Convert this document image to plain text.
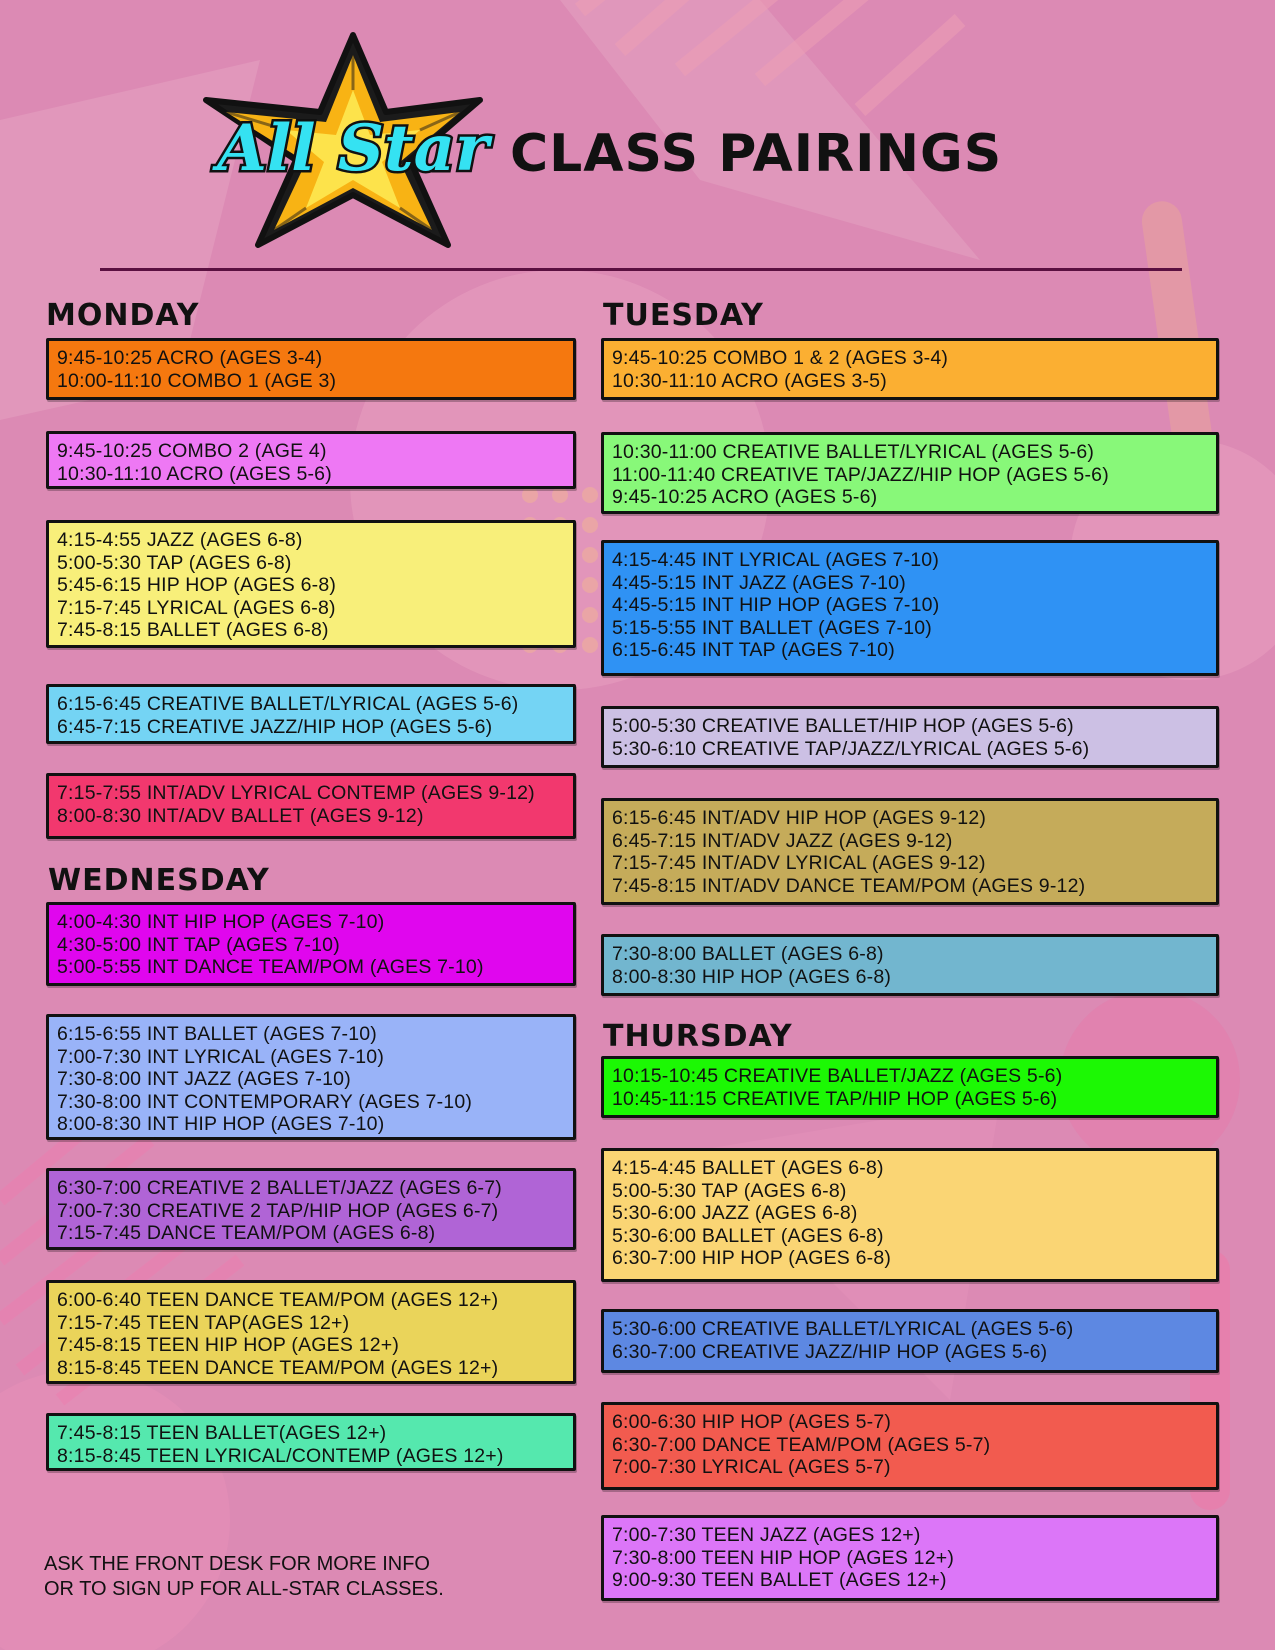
All Star CLASS PAIRINGS
MONDAY
9:45-10:25 ACRO (AGES 3-4)
10:00-11:10 COMBO 1 (AGE 3)
9:45-10:25 COMBO 2 (AGE 4)
10:30-11:10 ACRO (AGES 5-6)
4:15-4:55 JAZZ (AGES 6-8)
5:00-5:30 TAP (AGES 6-8)
5:45-6:15 HIP HOP (AGES 6-8)
7:15-7:45 LYRICAL (AGES 6-8)
7:45-8:15 BALLET (AGES 6-8)
6:15-6:45 CREATIVE BALLET/LYRICAL (AGES 5-6)
6:45-7:15 CREATIVE JAZZ/HIP HOP (AGES 5-6)
7:15-7:55 INT/ADV LYRICAL CONTEMP (AGES 9-12)
8:00-8:30 INT/ADV BALLET (AGES 9-12)
WEDNESDAY
4:00-4:30 INT HIP HOP (AGES 7-10)
4:30-5:00 INT TAP (AGES 7-10)
5:00-5:55 INT DANCE TEAM/POM (AGES 7-10)
6:15-6:55 INT BALLET (AGES 7-10)
7:00-7:30 INT LYRICAL (AGES 7-10)
7:30-8:00 INT JAZZ (AGES 7-10)
7:30-8:00 INT CONTEMPORARY (AGES 7-10)
8:00-8:30 INT HIP HOP (AGES 7-10)
6:30-7:00 CREATIVE 2 BALLET/JAZZ (AGES 6-7)
7:00-7:30 CREATIVE 2 TAP/HIP HOP (AGES 6-7)
7:15-7:45 DANCE TEAM/POM (AGES 6-8)
6:00-6:40 TEEN DANCE TEAM/POM (AGES 12+)
7:15-7:45 TEEN TAP(AGES 12+)
7:45-8:15 TEEN HIP HOP (AGES 12+)
8:15-8:45 TEEN DANCE TEAM/POM (AGES 12+)
7:45-8:15 TEEN BALLET(AGES 12+)
8:15-8:45 TEEN LYRICAL/CONTEMP (AGES 12+)
TUESDAY
9:45-10:25 COMBO 1 & 2 (AGES 3-4)
10:30-11:10 ACRO (AGES 3-5)
10:30-11:00 CREATIVE BALLET/LYRICAL (AGES 5-6)
11:00-11:40 CREATIVE TAP/JAZZ/HIP HOP (AGES 5-6)
9:45-10:25 ACRO (AGES 5-6)
4:15-4:45 INT LYRICAL (AGES 7-10)
4:45-5:15 INT JAZZ (AGES 7-10)
4:45-5:15 INT HIP HOP (AGES 7-10)
5:15-5:55 INT BALLET (AGES 7-10)
6:15-6:45 INT TAP (AGES 7-10)
5:00-5:30 CREATIVE BALLET/HIP HOP (AGES 5-6)
5:30-6:10 CREATIVE TAP/JAZZ/LYRICAL (AGES 5-6)
6:15-6:45 INT/ADV HIP HOP (AGES 9-12)
6:45-7:15 INT/ADV JAZZ (AGES 9-12)
7:15-7:45 INT/ADV LYRICAL (AGES 9-12)
7:45-8:15 INT/ADV DANCE TEAM/POM (AGES 9-12)
7:30-8:00 BALLET (AGES 6-8)
8:00-8:30 HIP HOP (AGES 6-8)
THURSDAY
10:15-10:45 CREATIVE BALLET/JAZZ (AGES 5-6)
10:45-11:15 CREATIVE TAP/HIP HOP (AGES 5-6)
4:15-4:45 BALLET (AGES 6-8)
5:00-5:30 TAP (AGES 6-8)
5:30-6:00 JAZZ (AGES 6-8)
5:30-6:00 BALLET (AGES 6-8)
6:30-7:00 HIP HOP (AGES 6-8)
5:30-6:00 CREATIVE BALLET/LYRICAL (AGES 5-6)
6:30-7:00 CREATIVE JAZZ/HIP HOP (AGES 5-6)
6:00-6:30 HIP HOP (AGES 5-7)
6:30-7:00 DANCE TEAM/POM (AGES 5-7)
7:00-7:30 LYRICAL (AGES 5-7)
7:00-7:30 TEEN JAZZ (AGES 12+)
7:30-8:00 TEEN HIP HOP (AGES 12+)
9:00-9:30 TEEN BALLET (AGES 12+)
ASK THE FRONT DESK FOR MORE INFO
OR TO SIGN UP FOR ALL-STAR CLASSES.
